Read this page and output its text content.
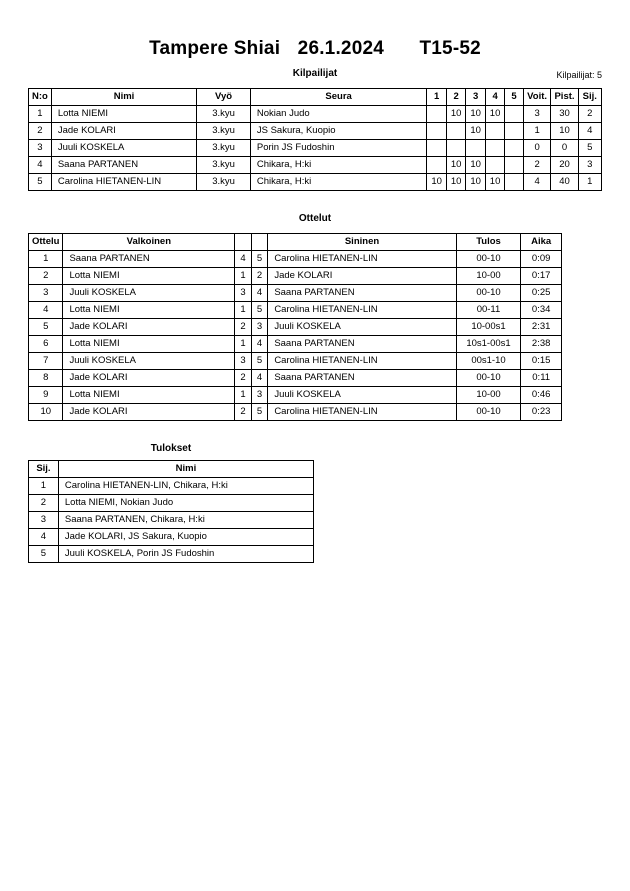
Tampere Shiai 26.1.2024 T15-52
Kilpailijat	Kilpailijat: 5
N:o	Nimi	Vyö	Seura	1	2	3	4	5	Voit.	Pist.	Sij.
1	Lotta NIEMI	3.kyu	Nokian Judo		10	10	10		3	30	2
2	Jade KOLARI	3.kyu	JS Sakura, Kuopio			10			1	10	4
3	Juuli KOSKELA	3.kyu	Porin JS Fudoshin						0	0	5
4	Saana PARTANEN	3.kyu	Chikara, H:ki		10	10			2	20	3
5	Carolina HIETANEN-LIN	3.kyu	Chikara, H:ki	10	10	10	10		4	40	1
Ottelut
Ottelu	Valkoinen			Sininen	Tulos	Aika
1	Saana PARTANEN	4	5	Carolina HIETANEN-LIN	00-10	0:09
2	Lotta NIEMI	1	2	Jade KOLARI	10-00	0:17
3	Juuli KOSKELA	3	4	Saana PARTANEN	00-10	0:25
4	Lotta NIEMI	1	5	Carolina HIETANEN-LIN	00-11	0:34
5	Jade KOLARI	2	3	Juuli KOSKELA	10-00s1	2:31
6	Lotta NIEMI	1	4	Saana PARTANEN	10s1-00s1	2:38
7	Juuli KOSKELA	3	5	Carolina HIETANEN-LIN	00s1-10	0:15
8	Jade KOLARI	2	4	Saana PARTANEN	00-10	0:11
9	Lotta NIEMI	1	3	Juuli KOSKELA	10-00	0:46
10	Jade KOLARI	2	5	Carolina HIETANEN-LIN	00-10	0:23
Tulokset
Sij.	Nimi
1	Carolina HIETANEN-LIN, Chikara, H:ki
2	Lotta NIEMI, Nokian Judo
3	Saana PARTANEN, Chikara, H:ki
4	Jade KOLARI, JS Sakura, Kuopio
5	Juuli KOSKELA, Porin JS Fudoshin
